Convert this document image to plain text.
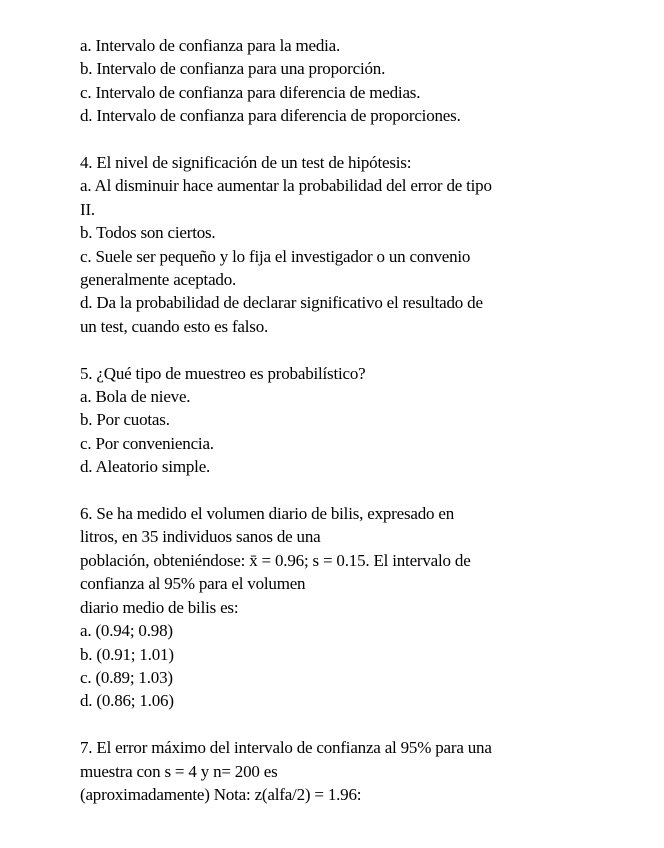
a. Intervalo de confianza para la media.
b. Intervalo de confianza para una proporción.
c. Intervalo de confianza para diferencia de medias.
d. Intervalo de confianza para diferencia de proporciones.
4. El nivel de significación de un test de hipótesis:
a. Al disminuir hace aumentar la probabilidad del error de tipo
II.
b. Todos son ciertos.
c. Suele ser pequeño y lo fija el investigador o un convenio
generalmente aceptado.
d. Da la probabilidad de declarar significativo el resultado de
un test, cuando esto es falso.
5. ¿Qué tipo de muestreo es probabilístico?
a. Bola de nieve.
b. Por cuotas.
c. Por conveniencia.
d. Aleatorio simple.
6. Se ha medido el volumen diario de bilis, expresado en
litros, en 35 individuos sanos de una
población, obteniéndose: x̄ = 0.96; s = 0.15. El intervalo de
confianza al 95% para el volumen
diario medio de bilis es:
a. (0.94; 0.98)
b. (0.91; 1.01)
c. (0.89; 1.03)
d. (0.86; 1.06)
7. El error máximo del intervalo de confianza al 95% para una
muestra con s = 4 y n= 200 es
(aproximadamente) Nota: z(alfa/2) = 1.96:
